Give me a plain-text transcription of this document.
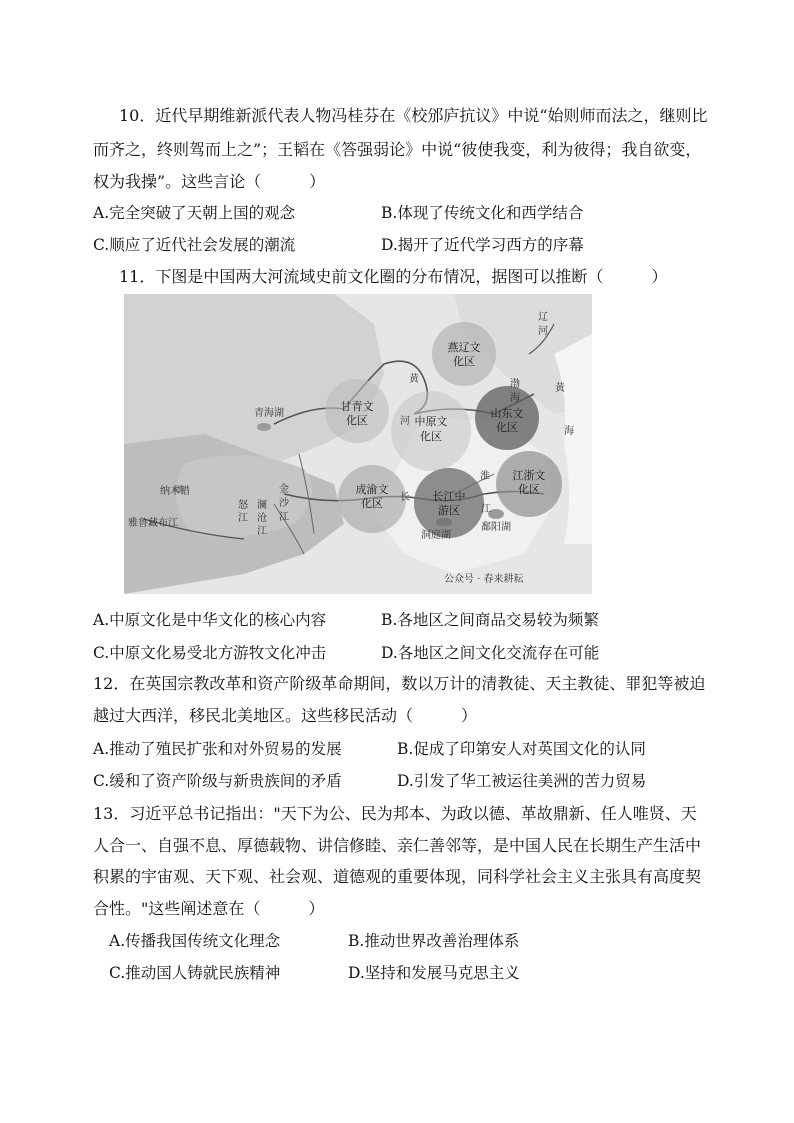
10．近代早期维新派代表人物冯桂芬在《校邠庐抗议》中说“始则师而法之，继则比
而齐之，终则驾而上之”；王韬在《答强弱论》中说“彼使我变，利为彼得；我自欲变，
权为我操”。这些言论（　　　）
A.完全突破了天朝上国的观念	B.体现了传统文化和西学结合
C.顺应了近代社会发展的潮流	D.揭开了近代学习西方的序幕
11．下图是中国两大河流域史前文化圈的分布情况，据图可以推断（　　　）
燕辽文
化区
甘青文
化区	中原文
化区
山东文
化区
江浙文
化区
成渝文
化区
长江中
游区
青海湖
黄
河
长
江
淮
渤
海
黄
海
辽
河
鄱阳湖
洞庭湖
纳木错
雅鲁藏布江
澜
沧
江
怒
江
金
沙
江
公众号 · 春来耕耘
A.中原文化是中华文化的核心内容	B.各地区之间商品交易较为频繁
C.中原文化易受北方游牧文化冲击	D.各地区之间文化交流存在可能
12．在英国宗教改革和资产阶级革命期间，数以万计的清教徒、天主教徒、罪犯等被迫
越过大西洋，移民北美地区。这些移民活动（　　　）
A.推动了殖民扩张和对外贸易的发展	B.促成了印第安人对英国文化的认同
C.缓和了资产阶级与新贵族间的矛盾	D.引发了华工被运往美洲的苦力贸易
13．习近平总书记指出："天下为公、民为邦本、为政以德、革故鼎新、任人唯贤、天
人合一、自强不息、厚德载物、讲信修睦、亲仁善邻等，是中国人民在长期生产生活中
积累的宇宙观、天下观、社会观、道德观的重要体现，同科学社会主义主张具有高度契
合性。"这些阐述意在（　　　）
A.传播我国传统文化理念	B.推动世界改善治理体系
C.推动国人铸就民族精神	D.坚持和发展马克思主义
